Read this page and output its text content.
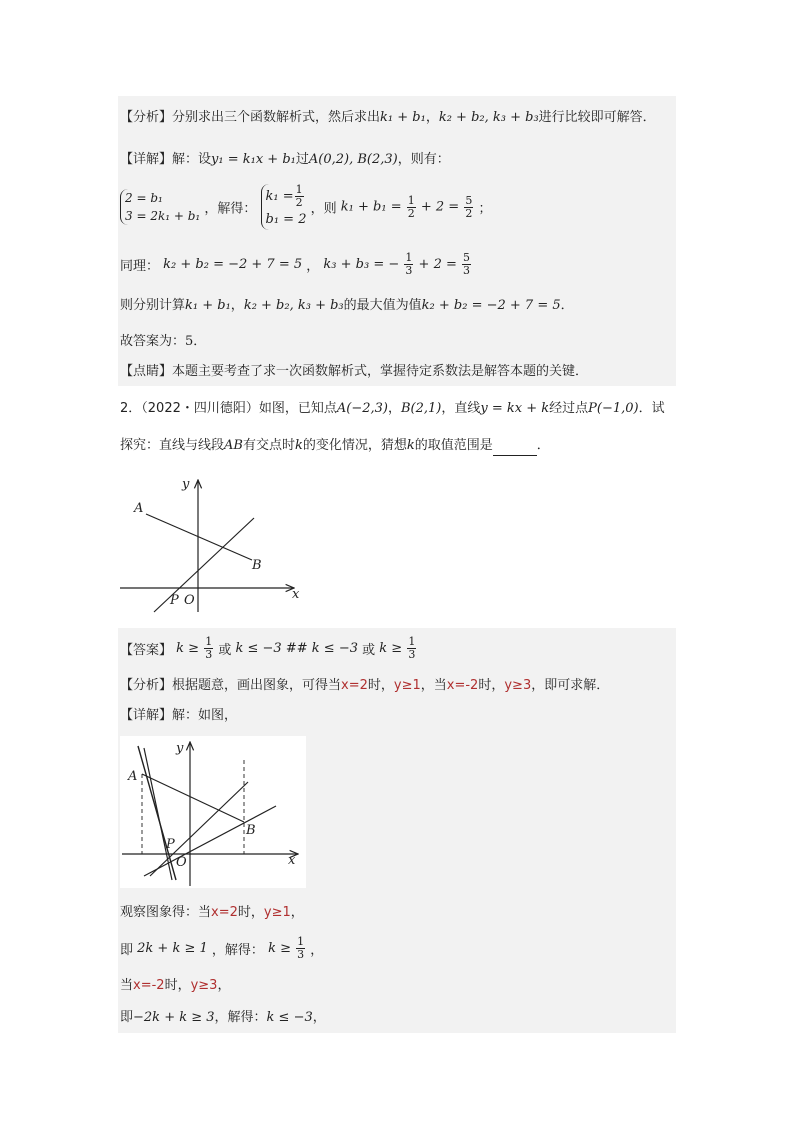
【分析】分别求出三个函数解析式，然后求出k₁ + b₁，k₂ + b₂, k₃ + b₃进行比较即可解答．
【详解】解：设y₁ = k₁x + b₁过A(0,2), B(2,3)，则有：
2 = b₁
3 = 2k₁ + b₁ ，解得：
$k_1 = \frac{1}{2}$
b₁ = 2
，则 $k_1 + b_1 = \frac{1}{2} + 2 = \frac{5}{2}$ ；
同理： k₂ + b₂ = −2 + 7 = 5 ， k₃ + b₃ = − $\frac{1}{3} + 2 = \frac{5}{3}$
则分别计算k₁ + b₁，k₂ + b₂, k₃ + b₃的最大值为值k₂ + b₂ = −2 + 7 = 5．
故答案为：5．
【点睛】本题主要考查了求一次函数解析式，掌握待定系数法是解答本题的关键．
2．（2022・四川德阳）如图，已知点A(−2,3)，B(2,1)，直线y = kx + k经过点P(−1,0)．试
探究：直线与线段AB有交点时k的变化情况，猜想k的取值范围是	．
y
x
A
B
P O
【答案】 $k \ge \frac{1}{3}$ 或 k ≤ −3 ## k ≤ −3 或 $k \ge \frac{1}{3}$
【分析】根据题意，画出图象，可得当x=2时，y≥1，当x=-2时，y≥3，即可求解．
【详解】解：如图，
y
x
A
B
P
O
观察图象得：当x=2时，y≥1，
即 2k + k ≥ 1 ，解得： $k \ge \frac{1}{3}$ ，
当x=-2时，y≥3，
即−2k + k ≥ 3，解得：k ≤ −3，
